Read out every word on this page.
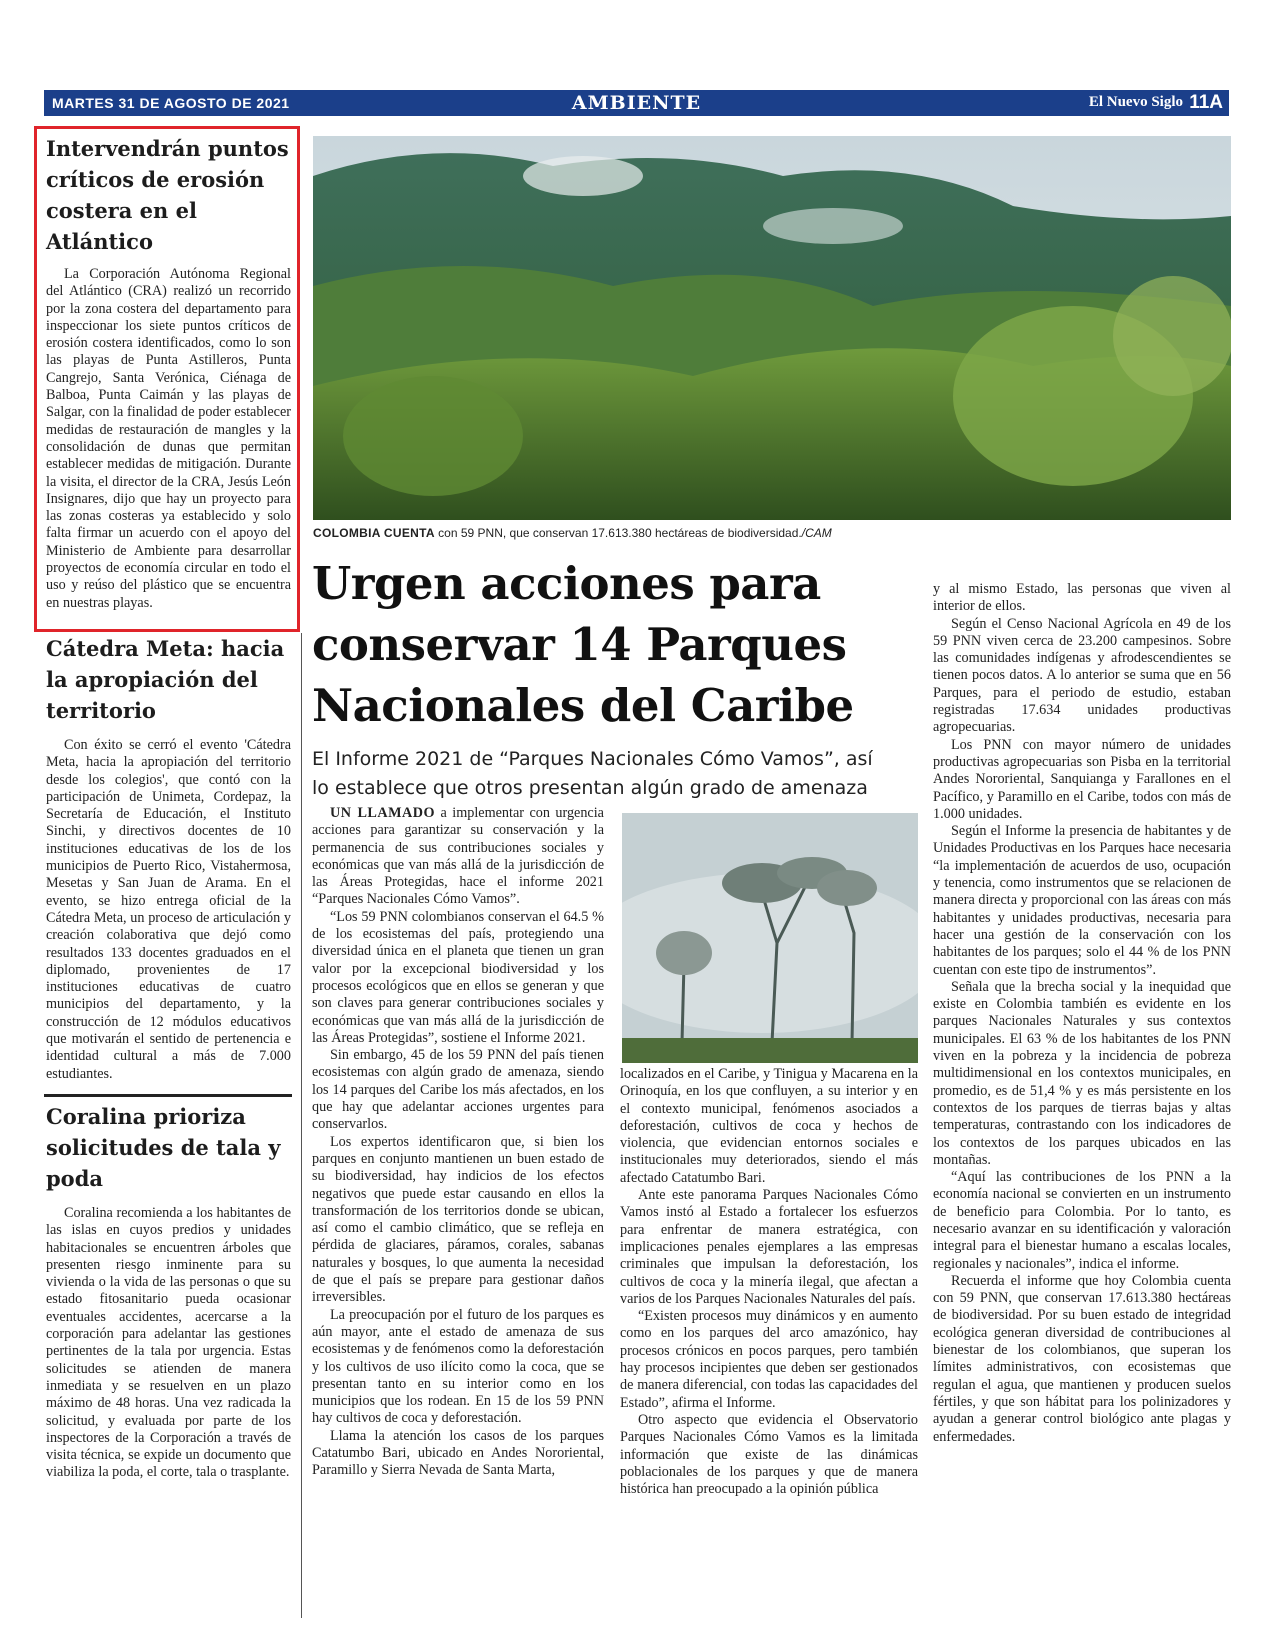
MARTES 31 DE AGOSTO DE 2021	AMBIENTE	El Nuevo Siglo 11A
Intervendrán puntos críticos de erosión costera en el Atlántico

La Corporación Autónoma Regional del Atlántico (CRA) realizó un recorrido por la zona costera del departamento para inspeccionar los siete puntos críticos de erosión costera identificados, como lo son las playas de Punta Astilleros, Punta Cangrejo, Santa Verónica, Ciénaga de Balboa, Punta Caimán y las playas de Salgar, con la finalidad de poder establecer medidas de restauración de mangles y la consolidación de dunas que permitan establecer medidas de mitigación. Durante la visita, el director de la CRA, Jesús León Insignares, dijo que hay un proyecto para las zonas costeras ya establecido y solo falta firmar un acuerdo con el apoyo del Ministerio de Ambiente para desarrollar proyectos de economía circular en todo el uso y reúso del plástico que se encuentra en nuestras playas.

Cátedra Meta: hacia la apropiación del territorio

Con éxito se cerró el evento 'Cátedra Meta, hacia la apropiación del territorio desde los colegios', que contó con la participación de Unimeta, Cordepaz, la Secretaría de Educación, el Instituto Sinchi, y directivos docentes de 10 instituciones educativas de los de los municipios de Puerto Rico, Vistahermosa, Mesetas y San Juan de Arama. En el evento, se hizo entrega oficial de la Cátedra Meta, un proceso de articulación y creación colaborativa que dejó como resultados 133 docentes graduados en el diplomado, provenientes de 17 instituciones educativas de cuatro municipios del departamento, y la construcción de 12 módulos educativos que motivarán el sentido de pertenencia e identidad cultural a más de 7.000 estudiantes.

Coralina prioriza solicitudes de tala y poda

Coralina recomienda a los habitantes de las islas en cuyos predios y unidades habitacionales se encuentren árboles que presenten riesgo inminente para su vivienda o la vida de las personas o que su estado fitosanitario pueda ocasionar eventuales accidentes, acercarse a la corporación para adelantar las gestiones pertinentes de la tala por urgencia. Estas solicitudes se atienden de manera inmediata y se resuelven en un plazo máximo de 48 horas. Una vez radicada la solicitud, y evaluada por parte de los inspectores de la Corporación a través de visita técnica, se expide un documento que viabiliza la poda, el corte, tala o trasplante.

COLOMBIA CUENTA con 59 PNN, que conservan 17.613.380 hectáreas de biodiversidad./CAM
Urgen acciones para conservar 14 Parques Nacionales del Caribe
El Informe 2021 de “Parques Nacionales Cómo Vamos”, así lo establece que otros presentan algún grado de amenaza

UN LLAMADO a implementar con urgencia acciones para garantizar su conservación y la permanencia de sus contribuciones sociales y económicas que van más allá de la jurisdicción de las Áreas Protegidas, hace el informe 2021 “Parques Nacionales Cómo Vamos”.

“Los 59 PNN colombianos conservan el 64.5 % de los ecosistemas del país, protegiendo una diversidad única en el planeta que tienen un gran valor por la excepcional biodiversidad y los procesos ecológicos que en ellos se generan y que son claves para generar contribuciones sociales y económicas que van más allá de la jurisdicción de las Áreas Protegidas”, sostiene el Informe 2021.

Sin embargo, 45 de los 59 PNN del país tienen ecosistemas con algún grado de amenaza, siendo los 14 parques del Caribe los más afectados, en los que hay que adelantar acciones urgentes para conservarlos.

Los expertos identificaron que, si bien los parques en conjunto mantienen un buen estado de su biodiversidad, hay indicios de los efectos negativos que puede estar causando en ellos la transformación de los territorios donde se ubican, así como el cambio climático, que se refleja en pérdida de glaciares, páramos, corales, sabanas naturales y bosques, lo que aumenta la necesidad de que el país se prepare para gestionar daños irreversibles.

La preocupación por el futuro de los parques es aún mayor, ante el estado de amenaza de sus ecosistemas y de fenómenos como la deforestación y los cultivos de uso ilícito como la coca, que se presentan tanto en su interior como en los municipios que los rodean. En 15 de los 59 PNN hay cultivos de coca y deforestación.

Llama la atención los casos de los parques Catatumbo Bari, ubicado en Andes Nororiental, Paramillo y Sierra Nevada de Santa Marta,

localizados en el Caribe, y Tinigua y Macarena en la Orinoquía, en los que confluyen, a su interior y en el contexto municipal, fenómenos asociados a deforestación, cultivos de coca y hechos de violencia, que evidencian entornos sociales e institucionales muy deteriorados, siendo el más afectado Catatumbo Bari.

Ante este panorama Parques Nacionales Cómo Vamos instó al Estado a fortalecer los esfuerzos para enfrentar de manera estratégica, con implicaciones penales ejemplares a las empresas criminales que impulsan la deforestación, los cultivos de coca y la minería ilegal, que afectan a varios de los Parques Nacionales Naturales del país.

“Existen procesos muy dinámicos y en aumento como en los parques del arco amazónico, hay procesos crónicos en pocos parques, pero también hay procesos incipientes que deben ser gestionados de manera diferencial, con todas las capacidades del Estado”, afirma el Informe.

Otro aspecto que evidencia el Observatorio Parques Nacionales Cómo Vamos es la limitada información que existe de las dinámicas poblacionales de los parques y que de manera histórica han preocupado a la opinión pública

y al mismo Estado, las personas que viven al interior de ellos.

Según el Censo Nacional Agrícola en 49 de los 59 PNN viven cerca de 23.200 campesinos. Sobre las comunidades indígenas y afrodescendientes se tienen pocos datos. A lo anterior se suma que en 56 Parques, para el periodo de estudio, estaban registradas 17.634 unidades productivas agropecuarias.

Los PNN con mayor número de unidades productivas agropecuarias son Pisba en la territorial Andes Nororiental, Sanquianga y Farallones en el Pacífico, y Paramillo en el Caribe, todos con más de 1.000 unidades.

Según el Informe la presencia de habitantes y de Unidades Productivas en los Parques hace necesaria “la implementación de acuerdos de uso, ocupación y tenencia, como instrumentos que se relacionen de manera directa y proporcional con las áreas con más habitantes y unidades productivas, necesaria para hacer una gestión de la conservación con los habitantes de los parques; solo el 44 % de los PNN cuentan con este tipo de instrumentos”.

Señala que la brecha social y la inequidad que existe en Colombia también es evidente en los parques Nacionales Naturales y sus contextos municipales. El 63 % de los habitantes de los PNN viven en la pobreza y la incidencia de pobreza multidimensional en los contextos municipales, en promedio, es de 51,4 % y es más persistente en los contextos de los parques de tierras bajas y altas temperaturas, contrastando con los indicadores de los contextos de los parques ubicados en las montañas.

“Aquí las contribuciones de los PNN a la economía nacional se convierten en un instrumento de beneficio para Colombia. Por lo tanto, es necesario avanzar en su identificación y valoración integral para el bienestar humano a escalas locales, regionales y nacionales”, indica el informe.

Recuerda el informe que hoy Colombia cuenta con 59 PNN, que conservan 17.613.380 hectáreas de biodiversidad. Por su buen estado de integridad ecológica generan diversidad de contribuciones al bienestar de los colombianos, que superan los límites administrativos, con ecosistemas que regulan el agua, que mantienen y producen suelos fértiles, y que son hábitat para los polinizadores y ayudan a generar control biológico ante plagas y enfermedades.
